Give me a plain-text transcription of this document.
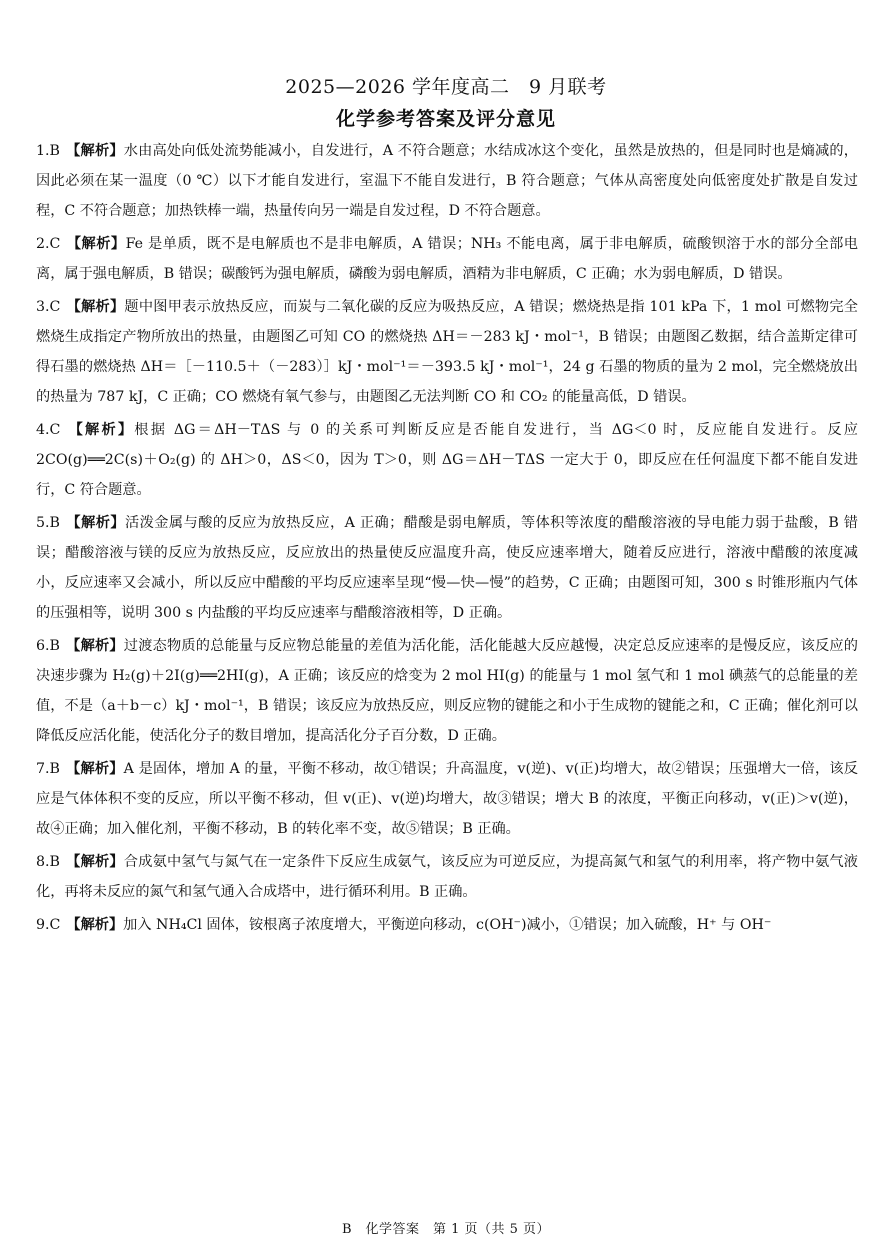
2025—2026 学年度高二　9 月联考
化学参考答案及评分意见

1.B 【解析】水由高处向低处流势能减小，自发进行，A 不符合题意；水结成冰这个变化，虽然是放热的，但是同时也是熵减的，因此必须在某一温度（0 ℃）以下才能自发进行，室温下不能自发进行，B 符合题意；气体从高密度处向低密度处扩散是自发过程，C 不符合题意；加热铁棒一端，热量传向另一端是自发过程，D 不符合题意。

2.C 【解析】Fe 是单质，既不是电解质也不是非电解质，A 错误；NH₃ 不能电离，属于非电解质，硫酸钡溶于水的部分全部电离，属于强电解质，B 错误；碳酸钙为强电解质，磷酸为弱电解质，酒精为非电解质，C 正确；水为弱电解质，D 错误。

3.C 【解析】题中图甲表示放热反应，而炭与二氧化碳的反应为吸热反应，A 错误；燃烧热是指 101 kPa 下，1 mol 可燃物完全燃烧生成指定产物所放出的热量，由题图乙可知 CO 的燃烧热 ΔH＝－283 kJ・mol⁻¹，B 错误；由题图乙数据，结合盖斯定律可得石墨的燃烧热 ΔH＝［－110.5＋（－283）］kJ・mol⁻¹＝－393.5 kJ・mol⁻¹，24 g 石墨的物质的量为 2 mol，完全燃烧放出的热量为 787 kJ，C 正确；CO 燃烧有氧气参与，由题图乙无法判断 CO 和 CO₂ 的能量高低，D 错误。

4.C 【解析】根据 ΔG＝ΔH－TΔS 与 0 的关系可判断反应是否能自发进行，当 ΔG＜0 时，反应能自发进行。反应 2CO(g)══2C(s)＋O₂(g) 的 ΔH＞0，ΔS＜0，因为 T＞0，则 ΔG＝ΔH－TΔS 一定大于 0，即反应在任何温度下都不能自发进行，C 符合题意。

5.B 【解析】活泼金属与酸的反应为放热反应，A 正确；醋酸是弱电解质，等体积等浓度的醋酸溶液的导电能力弱于盐酸，B 错误；醋酸溶液与镁的反应为放热反应，反应放出的热量使反应温度升高，使反应速率增大，随着反应进行，溶液中醋酸的浓度减小，反应速率又会减小，所以反应中醋酸的平均反应速率呈现“慢—快—慢”的趋势，C 正确；由题图可知，300 s 时锥形瓶内气体的压强相等，说明 300 s 内盐酸的平均反应速率与醋酸溶液相等，D 正确。

6.B 【解析】过渡态物质的总能量与反应物总能量的差值为活化能，活化能越大反应越慢，决定总反应速率的是慢反应，该反应的决速步骤为 H₂(g)＋2I(g)══2HI(g)，A 正确；该反应的焓变为 2 mol HI(g) 的能量与 1 mol 氢气和 1 mol 碘蒸气的总能量的差值，不是（a＋b－c）kJ・mol⁻¹，B 错误；该反应为放热反应，则反应物的键能之和小于生成物的键能之和，C 正确；催化剂可以降低反应活化能，使活化分子的数目增加，提高活化分子百分数，D 正确。

7.B 【解析】A 是固体，增加 A 的量，平衡不移动，故①错误；升高温度，v(逆)、v(正)均增大，故②错误；压强增大一倍，该反应是气体体积不变的反应，所以平衡不移动，但 v(正)、v(逆)均增大，故③错误；增大 B 的浓度，平衡正向移动，v(正)＞v(逆)，故④正确；加入催化剂，平衡不移动，B 的转化率不变，故⑤错误；B 正确。

8.B 【解析】合成氨中氢气与氮气在一定条件下反应生成氨气，该反应为可逆反应，为提高氮气和氢气的利用率，将产物中氨气液化，再将未反应的氮气和氢气通入合成塔中，进行循环利用。B 正确。

9.C 【解析】加入 NH₄Cl 固体，铵根离子浓度增大，平衡逆向移动，c(OH⁻)减小，①错误；加入硫酸，H⁺ 与 OH⁻

B　化学答案　第 1 页（共 5 页）
